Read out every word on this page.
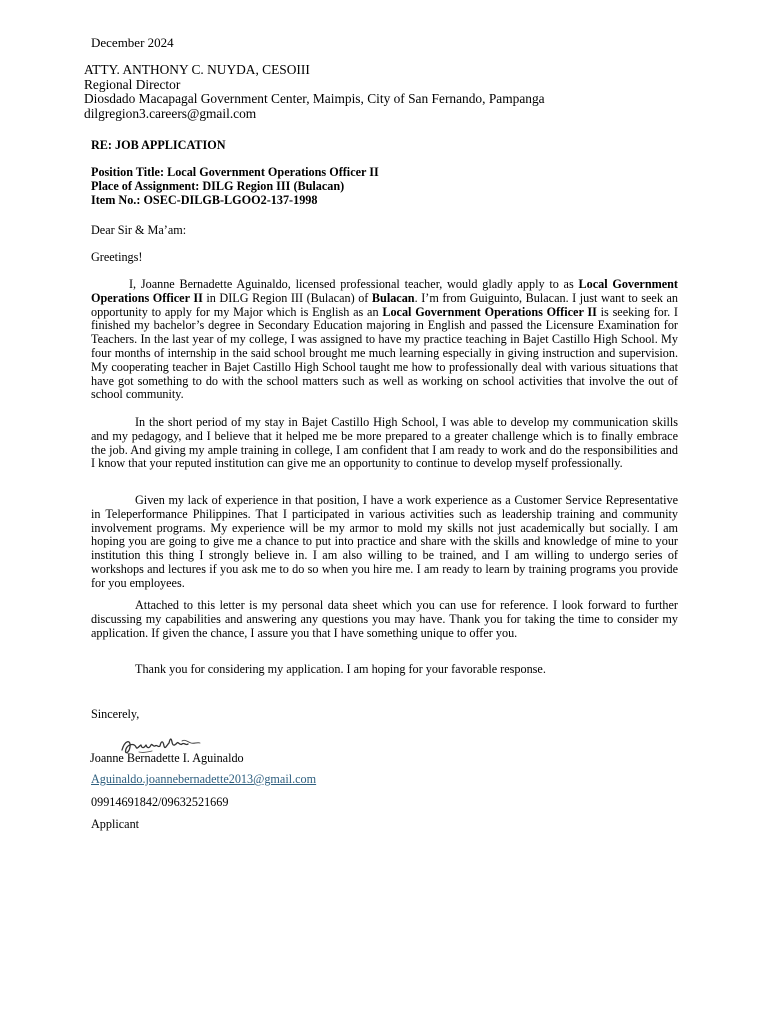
December 2024
ATTY. ANTHONY C. NUYDA, CESOIII
Regional Director
Diosdado Macapagal Government Center, Maimpis, City of San Fernando, Pampanga
dilgregion3.careers@gmail.com
RE: JOB APPLICATION
Position Title: Local Government Operations Officer II
Place of Assignment: DILG Region III (Bulacan)
Item No.: OSEC-DILGB-LGOO2-137-1998
Dear Sir & Ma’am:
Greetings!
I, Joanne Bernadette Aguinaldo, licensed professional teacher, would gladly apply to as Local Government Operations Officer II in DILG Region III (Bulacan) of Bulacan. I’m from Guiguinto, Bulacan. I just want to seek an opportunity to apply for my Major which is English as an Local Government Operations Officer II is seeking for. I finished my bachelor’s degree in Secondary Education majoring in English and passed the Licensure Examination for Teachers. In the last year of my college, I was assigned to have my practice teaching in Bajet Castillo High School. My four months of internship in the said school brought me much learning especially in giving instruction and supervision. My cooperating teacher in Bajet Castillo High School taught me how to professionally deal with various situations that have got something to do with the school matters such as well as working on school activities that involve the out of school community.
In the short period of my stay in Bajet Castillo High School, I was able to develop my communication skills and my pedagogy, and I believe that it helped me be more prepared to a greater challenge which is to finally embrace the job. And giving my ample training in college, I am confident that I am ready to work and do the responsibilities and I know that your reputed institution can give me an opportunity to continue to develop myself professionally.
Given my lack of experience in that position, I have a work experience as a Customer Service Representative in Teleperformance Philippines. That I participated in various activities such as leadership training and community involvement programs. My experience will be my armor to mold my skills not just academically but socially. I am hoping you are going to give me a chance to put into practice and share with the skills and knowledge of mine to your institution this thing I strongly believe in. I am also willing to be trained, and I am willing to undergo series of workshops and lectures if you ask me to do so when you hire me. I am ready to learn by training programs you provide for you employees.
Attached to this letter is my personal data sheet which you can use for reference. I look forward to further discussing my capabilities and answering any questions you may have. Thank you for taking the time to consider my application. If given the chance, I assure you that I have something unique to offer you.
Thank you for considering my application. I am hoping for your favorable response.
Sincerely,
Joanne Bernadette I. Aguinaldo
Aguinaldo.joannebernadette2013@gmail.com
09914691842/09632521669
Applicant
